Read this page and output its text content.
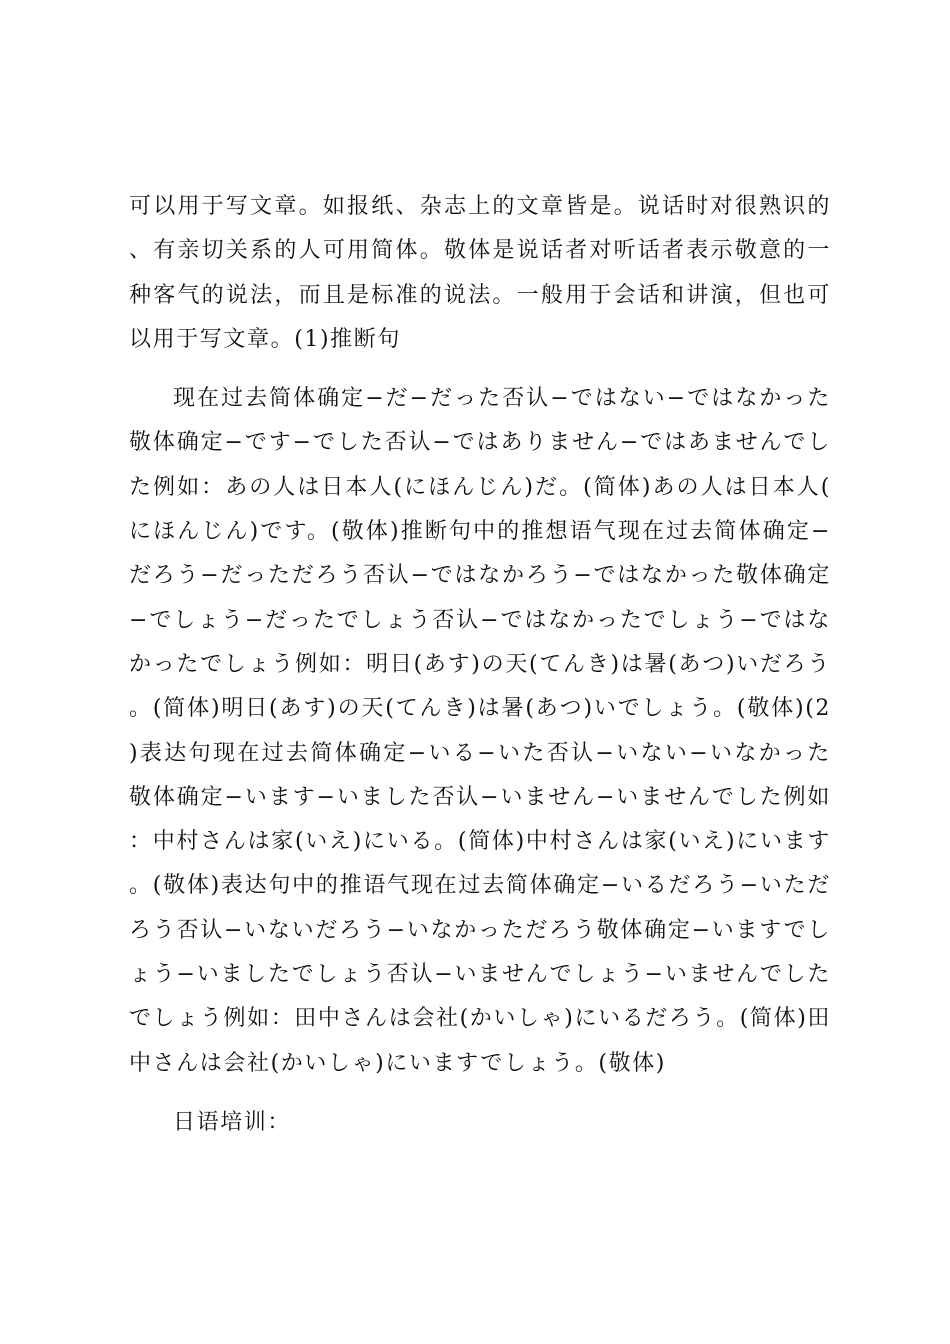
可以用于写文章。如报纸、杂志上的文章皆是。说话时对很熟识的、有亲切关系的人可用简体。敬体是说话者对听话者表示敬意的一种客气的说法，而且是标准的说法。一般用于会话和讲演，但也可以用于写文章。(1)推断句

现在过去简体确定−だ−だった否认−ではない−ではなかった敬体确定−です−でした否认−ではありません−ではあませんでした例如：あの人は日本人(にほんじん)だ。(简体)あの人は日本人(にほんじん)です。(敬体)推断句中的推想语气现在过去简体确定−だろう−だっただろう否认−ではなかろう−ではなかった敬体确定−でしょう−だったでしょう否认−ではなかったでしょう−ではなかったでしょう例如：明日(あす)の天(てんき)は暑(あつ)いだろう。(简体)明日(あす)の天(てんき)は暑(あつ)いでしょう。(敬体)(2)表达句现在过去简体确定−いる−いた否认−いない−いなかった敬体确定−います−いました否认−いません−いませんでした例如：中村さんは家(いえ)にいる。(简体)中村さんは家(いえ)にいます。(敬体)表达句中的推语气现在过去简体确定−いるだろう−いただろう否认−いないだろう−いなかっただろう敬体确定−いますでしょう−いましたでしょう否认−いませんでしょう−いませんでしたでしょう例如：田中さんは会社(かいしゃ)にいるだろう。(简体)田中さんは会社(かいしゃ)にいますでしょう。(敬体)

日语培训：
